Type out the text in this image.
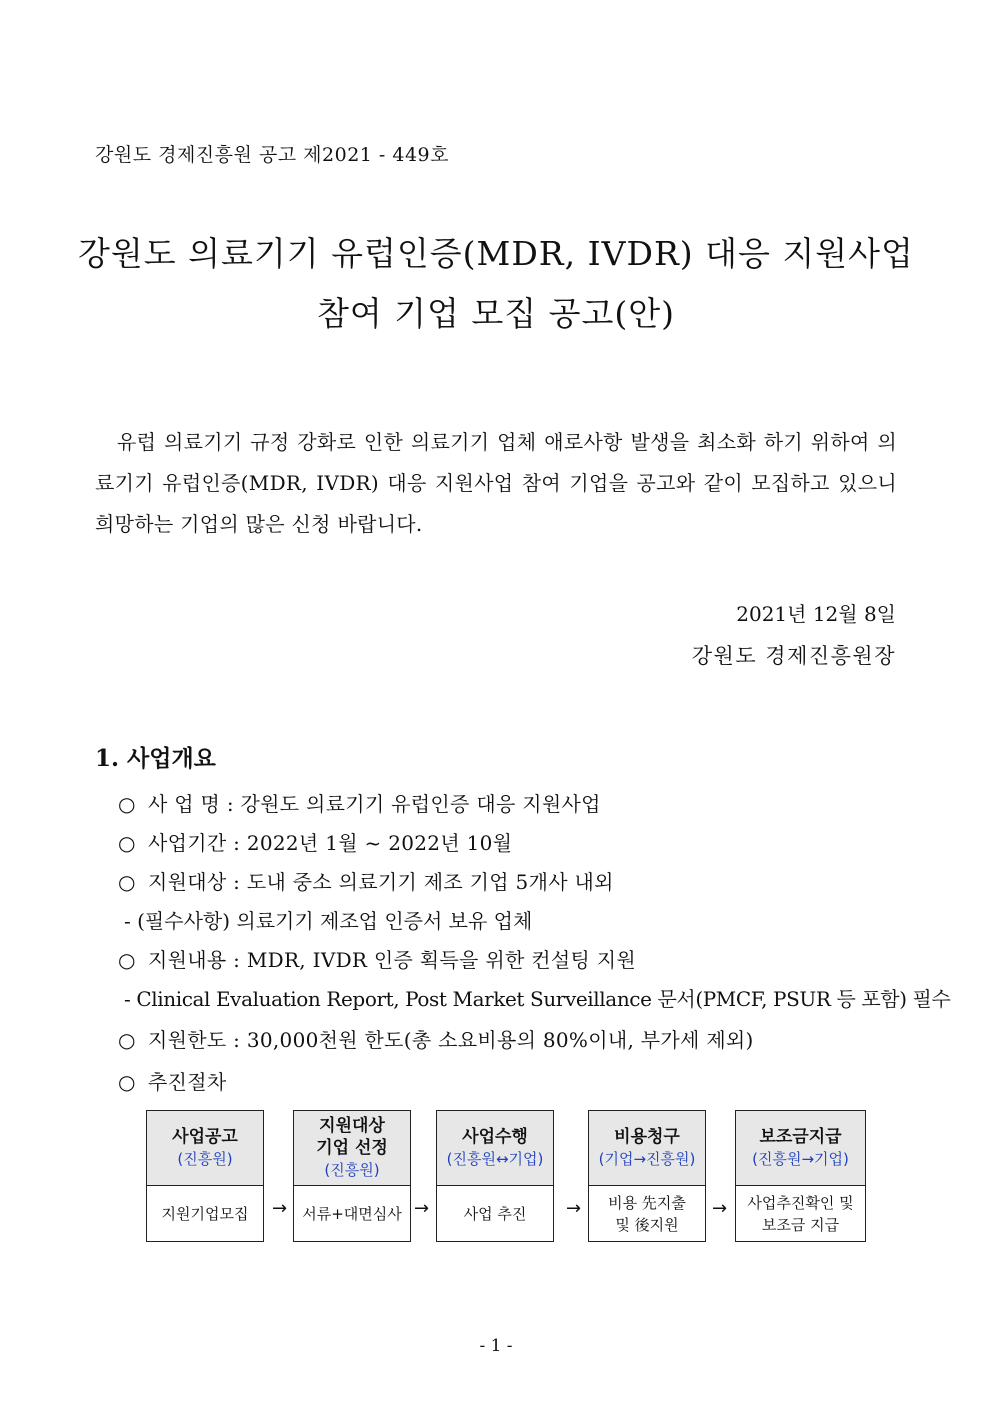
강원도 경제진흥원 공고 제2021 - 449호
강원도 의료기기 유럽인증(MDR, IVDR) 대응 지원사업
참여 기업 모집 공고(안)
유럽 의료기기 규정 강화로 인한 의료기기 업체 애로사항 발생을 최소화 하기 위하여 의료기기 유럽인증(MDR, IVDR) 대응 지원사업 참여 기업을 공고와 같이 모집하고 있으니 희망하는 기업의 많은 신청 바랍니다.
2021년 12월 8일
강원도 경제진흥원장
1. 사업개요
○ 사 업 명 : 강원도 의료기기 유럽인증 대응 지원사업
○ 사업기간 : 2022년 1월 ~ 2022년 10월
○ 지원대상 : 도내 중소 의료기기 제조 기업 5개사 내외
- (필수사항) 의료기기 제조업 인증서 보유 업체
○ 지원내용 : MDR, IVDR 인증 획득을 위한 컨설팅 지원
- Clinical Evaluation Report, Post Market Surveillance 문서(PMCF, PSUR 등 포함) 필수
○ 지원한도 : 30,000천원 한도(총 소요비용의 80%이내, 부가세 제외)
○ 추진절차
사업공고
(진흥원)
지원기업모집 →
지원대상
기업 선정
(진흥원)
서류+대면심사 →
사업수행
(진흥원↔기업)
사업 추진 →
비용청구
(기업→진흥원)
비용 先지출
및 後지원
→
보조금지급
(진흥원→기업)
사업추진확인 및
보조금 지급
- 1 -
